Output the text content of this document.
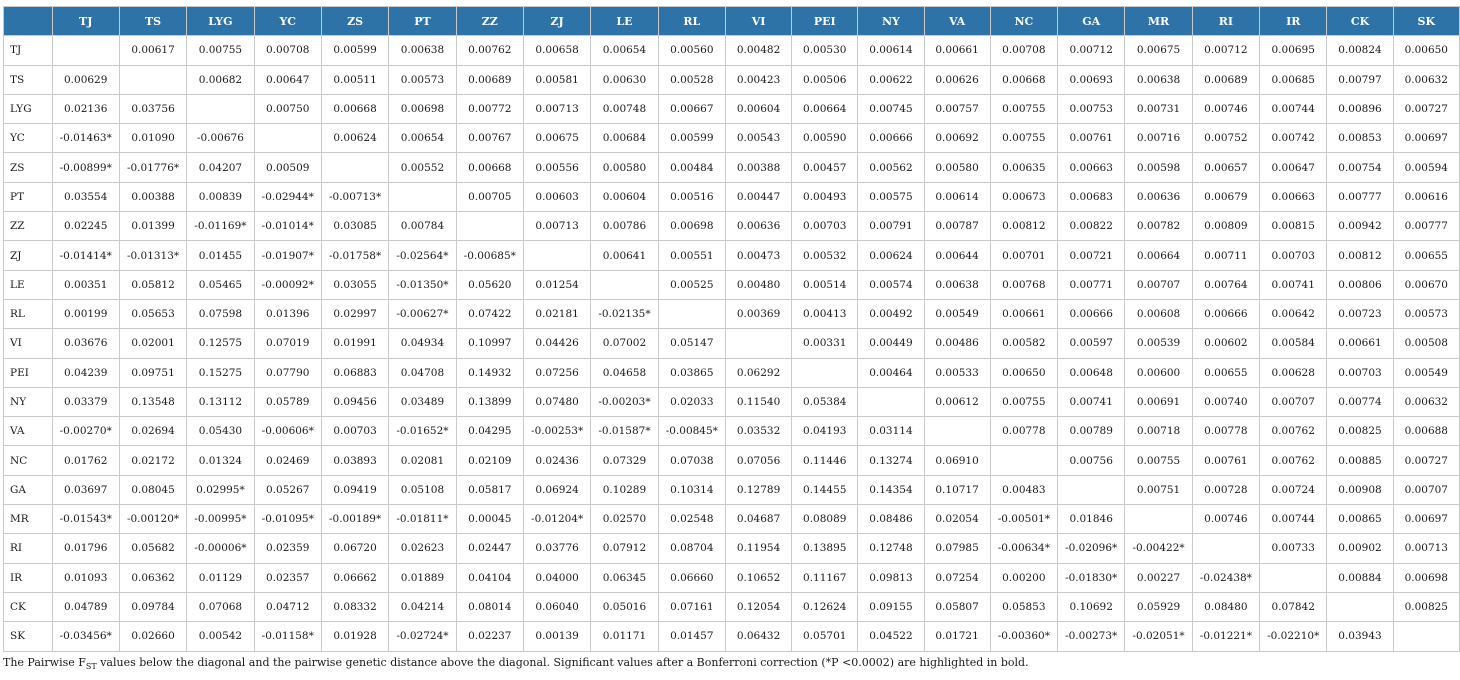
	TJ	TS	LYG	YC	ZS	PT	ZZ	ZJ	LE	RL	VI	PEI	NY	VA	NC	GA	MR	RI	IR	CK	SK
TJ		0.00617	0.00755	0.00708	0.00599	0.00638	0.00762	0.00658	0.00654	0.00560	0.00482	0.00530	0.00614	0.00661	0.00708	0.00712	0.00675	0.00712	0.00695	0.00824	0.00650
TS	0.00629		0.00682	0.00647	0.00511	0.00573	0.00689	0.00581	0.00630	0.00528	0.00423	0.00506	0.00622	0.00626	0.00668	0.00693	0.00638	0.00689	0.00685	0.00797	0.00632
LYG	0.02136	0.03756		0.00750	0.00668	0.00698	0.00772	0.00713	0.00748	0.00667	0.00604	0.00664	0.00745	0.00757	0.00755	0.00753	0.00731	0.00746	0.00744	0.00896	0.00727
YC	-0.01463*	0.01090	-0.00676		0.00624	0.00654	0.00767	0.00675	0.00684	0.00599	0.00543	0.00590	0.00666	0.00692	0.00755	0.00761	0.00716	0.00752	0.00742	0.00853	0.00697
ZS	-0.00899*	-0.01776*	0.04207	0.00509		0.00552	0.00668	0.00556	0.00580	0.00484	0.00388	0.00457	0.00562	0.00580	0.00635	0.00663	0.00598	0.00657	0.00647	0.00754	0.00594
PT	0.03554	0.00388	0.00839	-0.02944*	-0.00713*		0.00705	0.00603	0.00604	0.00516	0.00447	0.00493	0.00575	0.00614	0.00673	0.00683	0.00636	0.00679	0.00663	0.00777	0.00616
ZZ	0.02245	0.01399	-0.01169*	-0.01014*	0.03085	0.00784		0.00713	0.00786	0.00698	0.00636	0.00703	0.00791	0.00787	0.00812	0.00822	0.00782	0.00809	0.00815	0.00942	0.00777
ZJ	-0.01414*	-0.01313*	0.01455	-0.01907*	-0.01758*	-0.02564*	-0.00685*		0.00641	0.00551	0.00473	0.00532	0.00624	0.00644	0.00701	0.00721	0.00664	0.00711	0.00703	0.00812	0.00655
LE	0.00351	0.05812	0.05465	-0.00092*	0.03055	-0.01350*	0.05620	0.01254		0.00525	0.00480	0.00514	0.00574	0.00638	0.00768	0.00771	0.00707	0.00764	0.00741	0.00806	0.00670
RL	0.00199	0.05653	0.07598	0.01396	0.02997	-0.00627*	0.07422	0.02181	-0.02135*		0.00369	0.00413	0.00492	0.00549	0.00661	0.00666	0.00608	0.00666	0.00642	0.00723	0.00573
VI	0.03676	0.02001	0.12575	0.07019	0.01991	0.04934	0.10997	0.04426	0.07002	0.05147		0.00331	0.00449	0.00486	0.00582	0.00597	0.00539	0.00602	0.00584	0.00661	0.00508
PEI	0.04239	0.09751	0.15275	0.07790	0.06883	0.04708	0.14932	0.07256	0.04658	0.03865	0.06292		0.00464	0.00533	0.00650	0.00648	0.00600	0.00655	0.00628	0.00703	0.00549
NY	0.03379	0.13548	0.13112	0.05789	0.09456	0.03489	0.13899	0.07480	-0.00203*	0.02033	0.11540	0.05384		0.00612	0.00755	0.00741	0.00691	0.00740	0.00707	0.00774	0.00632
VA	-0.00270*	0.02694	0.05430	-0.00606*	0.00703	-0.01652*	0.04295	-0.00253*	-0.01587*	-0.00845*	0.03532	0.04193	0.03114		0.00778	0.00789	0.00718	0.00778	0.00762	0.00825	0.00688
NC	0.01762	0.02172	0.01324	0.02469	0.03893	0.02081	0.02109	0.02436	0.07329	0.07038	0.07056	0.11446	0.13274	0.06910		0.00756	0.00755	0.00761	0.00762	0.00885	0.00727
GA	0.03697	0.08045	0.02995*	0.05267	0.09419	0.05108	0.05817	0.06924	0.10289	0.10314	0.12789	0.14455	0.14354	0.10717	0.00483		0.00751	0.00728	0.00724	0.00908	0.00707
MR	-0.01543*	-0.00120*	-0.00995*	-0.01095*	-0.00189*	-0.01811*	0.00045	-0.01204*	0.02570	0.02548	0.04687	0.08089	0.08486	0.02054	-0.00501*	0.01846		0.00746	0.00744	0.00865	0.00697
RI	0.01796	0.05682	-0.00006*	0.02359	0.06720	0.02623	0.02447	0.03776	0.07912	0.08704	0.11954	0.13895	0.12748	0.07985	-0.00634*	-0.02096*	-0.00422*		0.00733	0.00902	0.00713
IR	0.01093	0.06362	0.01129	0.02357	0.06662	0.01889	0.04104	0.04000	0.06345	0.06660	0.10652	0.11167	0.09813	0.07254	0.00200	-0.01830*	0.00227	-0.02438*		0.00884	0.00698
CK	0.04789	0.09784	0.07068	0.04712	0.08332	0.04214	0.08014	0.06040	0.05016	0.07161	0.12054	0.12624	0.09155	0.05807	0.05853	0.10692	0.05929	0.08480	0.07842		0.00825
SK	-0.03456*	0.02660	0.00542	-0.01158*	0.01928	-0.02724*	0.02237	0.00139	0.01171	0.01457	0.06432	0.05701	0.04522	0.01721	-0.00360*	-0.00273*	-0.02051*	-0.01221*	-0.02210*	0.03943	
The Pairwise $F_{ST}$ values below the diagonal and the pairwise genetic distance above the diagonal. Significant values after a Bonferroni correction (*P <0.0002) are highlighted in bold.
